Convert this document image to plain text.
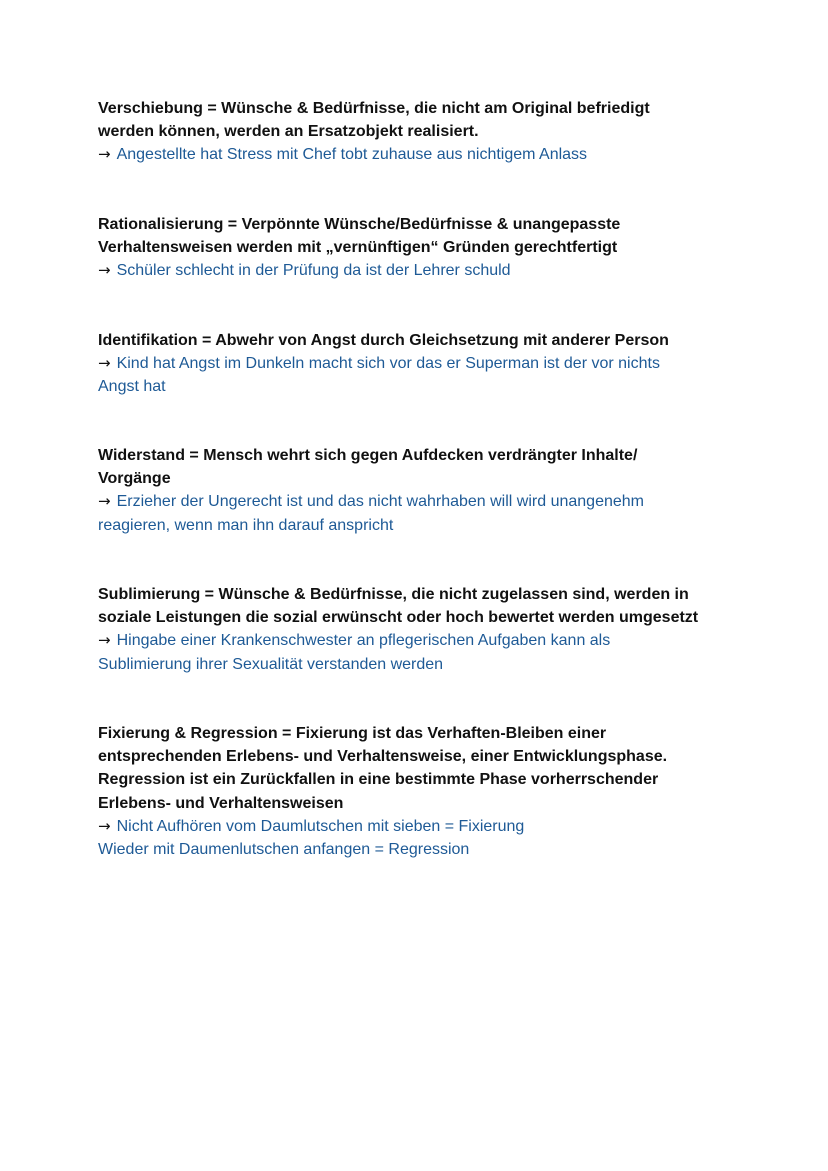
Verschiebung = Wünsche & Bedürfnisse, die nicht am Original befriedigt
werden können, werden an Ersatzobjekt realisiert.
→ Angestellte hat Stress mit Chef tobt zuhause aus nichtigem Anlass
Rationalisierung = Verpönnte Wünsche/Bedürfnisse & unangepasste
Verhaltensweisen werden mit „vernünftigen“ Gründen gerechtfertigt
→ Schüler schlecht in der Prüfung da ist der Lehrer schuld
Identifikation = Abwehr von Angst durch Gleichsetzung mit anderer Person
→ Kind hat Angst im Dunkeln macht sich vor das er Superman ist der vor nichts
Angst hat
Widerstand = Mensch wehrt sich gegen Aufdecken verdrängter Inhalte/
Vorgänge
→ Erzieher der Ungerecht ist und das nicht wahrhaben will wird unangenehm
reagieren, wenn man ihn darauf anspricht
Sublimierung = Wünsche & Bedürfnisse, die nicht zugelassen sind, werden in
soziale Leistungen die sozial erwünscht oder hoch bewertet werden umgesetzt
→ Hingabe einer Krankenschwester an pflegerischen Aufgaben kann als
Sublimierung ihrer Sexualität verstanden werden
Fixierung & Regression = Fixierung ist das Verhaften-Bleiben einer
entsprechenden Erlebens- und Verhaltensweise, einer Entwicklungsphase.
Regression ist ein Zurückfallen in eine bestimmte Phase vorherrschender
Erlebens- und Verhaltensweisen
→ Nicht Aufhören vom Daumlutschen mit sieben = Fixierung
Wieder mit Daumenlutschen anfangen = Regression
